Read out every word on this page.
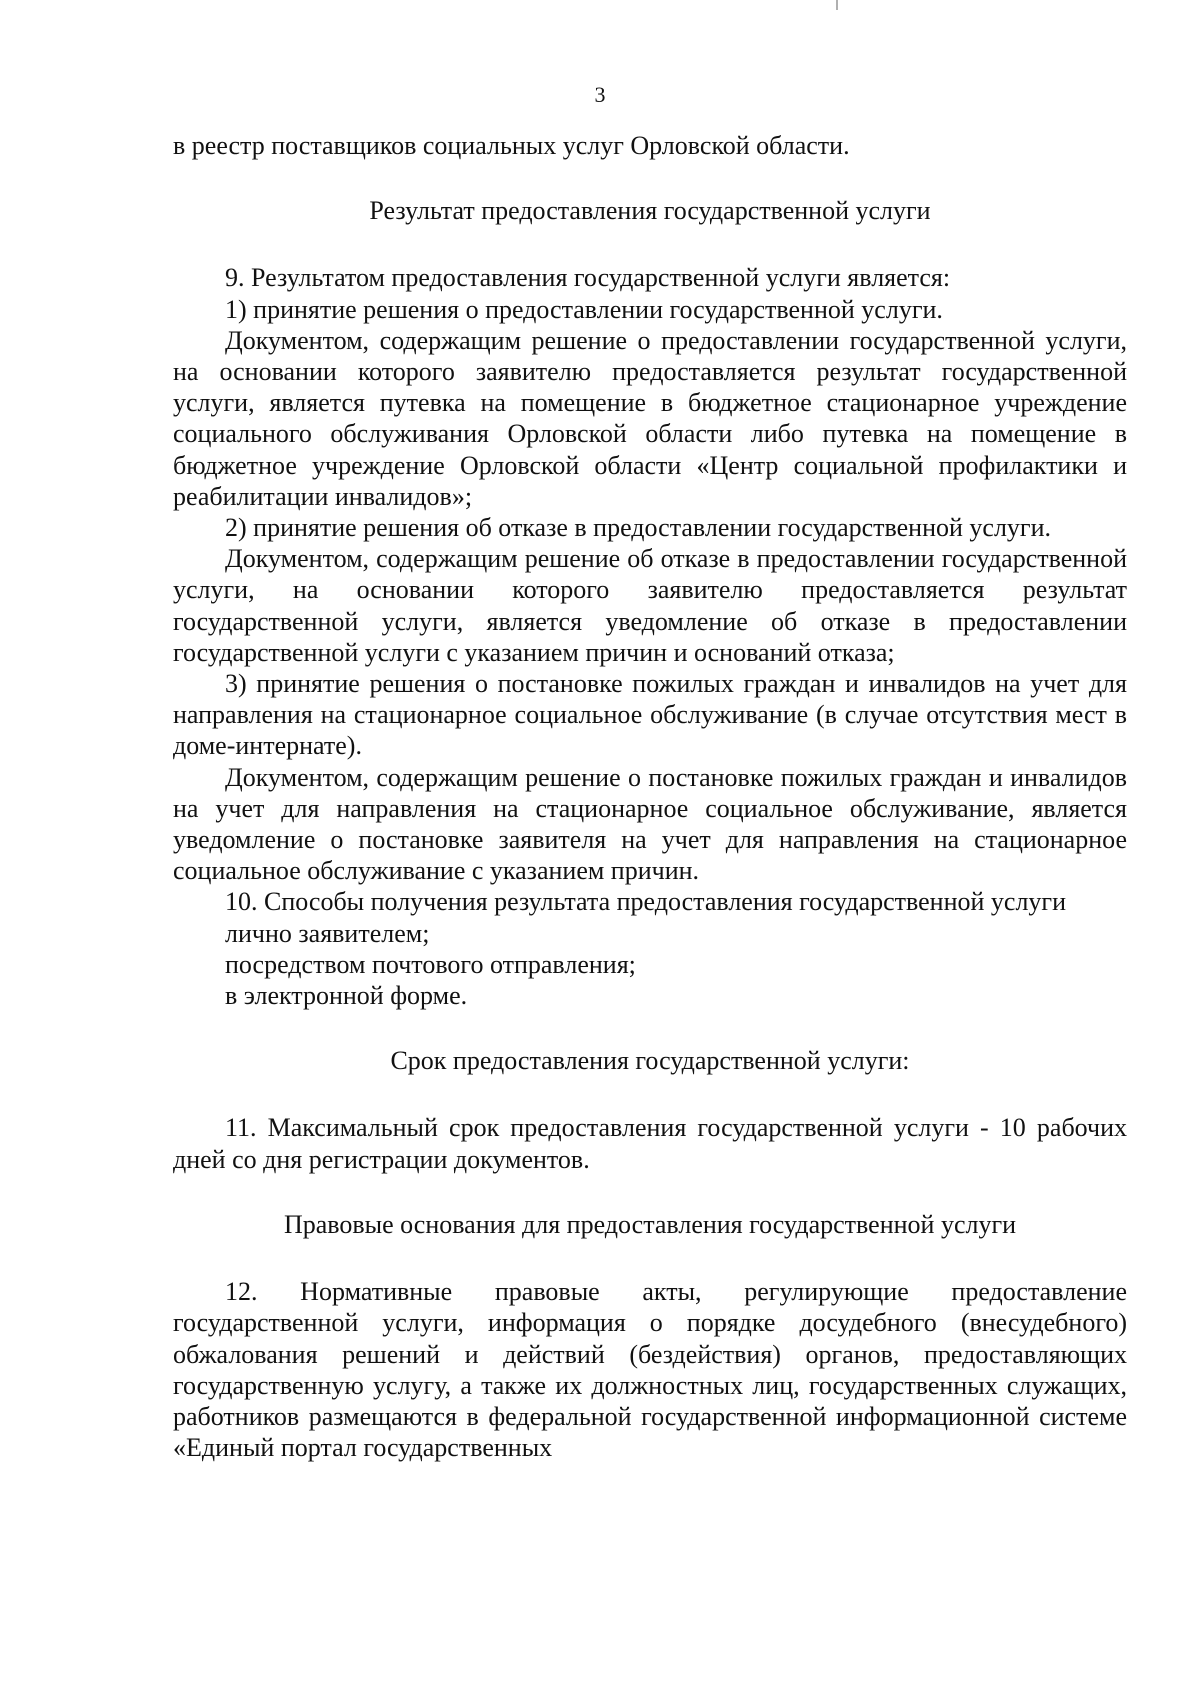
3

в реестр поставщиков социальных услуг Орловской области.

Результат предоставления государственной услуги

9. Результатом предоставления государственной услуги является:

1) принятие решения о предоставлении государственной услуги.

Документом, содержащим решение о предоставлении государственной услуги, на основании которого заявителю предоставляется результат государственной услуги, является путевка на помещение в бюджетное стационарное учреждение социального обслуживания Орловской области либо путевка на помещение в бюджетное учреждение Орловской области «Центр социальной профилактики и реабилитации инвалидов»;

2) принятие решения об отказе в предоставлении государственной услуги.

Документом, содержащим решение об отказе в предоставлении государственной услуги, на основании которого заявителю предоставляется результат государственной услуги, является уведомление об отказе в предоставлении государственной услуги с указанием причин и оснований отказа;

3) принятие решения о постановке пожилых граждан и инвалидов на учет для направления на стационарное социальное обслуживание (в случае отсутствия мест в доме-интернате).

Документом, содержащим решение о постановке пожилых граждан и инвалидов на учет для направления на стационарное социальное обслуживание, является уведомление о постановке заявителя на учет для направления на стационарное социальное обслуживание с указанием причин.

10. Способы получения результата предоставления государственной услуги

лично заявителем;

посредством почтового отправления;

в электронной форме.

Срок предоставления государственной услуги:

11. Максимальный срок предоставления государственной услуги - 10 рабочих дней со дня регистрации документов.

Правовые основания для предоставления государственной услуги

12. Нормативные правовые акты, регулирующие предоставление государственной услуги, информация о порядке досудебного (внесудебного) обжалования решений и действий (бездействия) органов, предоставляющих государственную услугу, а также их должностных лиц, государственных служащих, работников размещаются в федеральной государственной информационной системе «Единый портал государственных
